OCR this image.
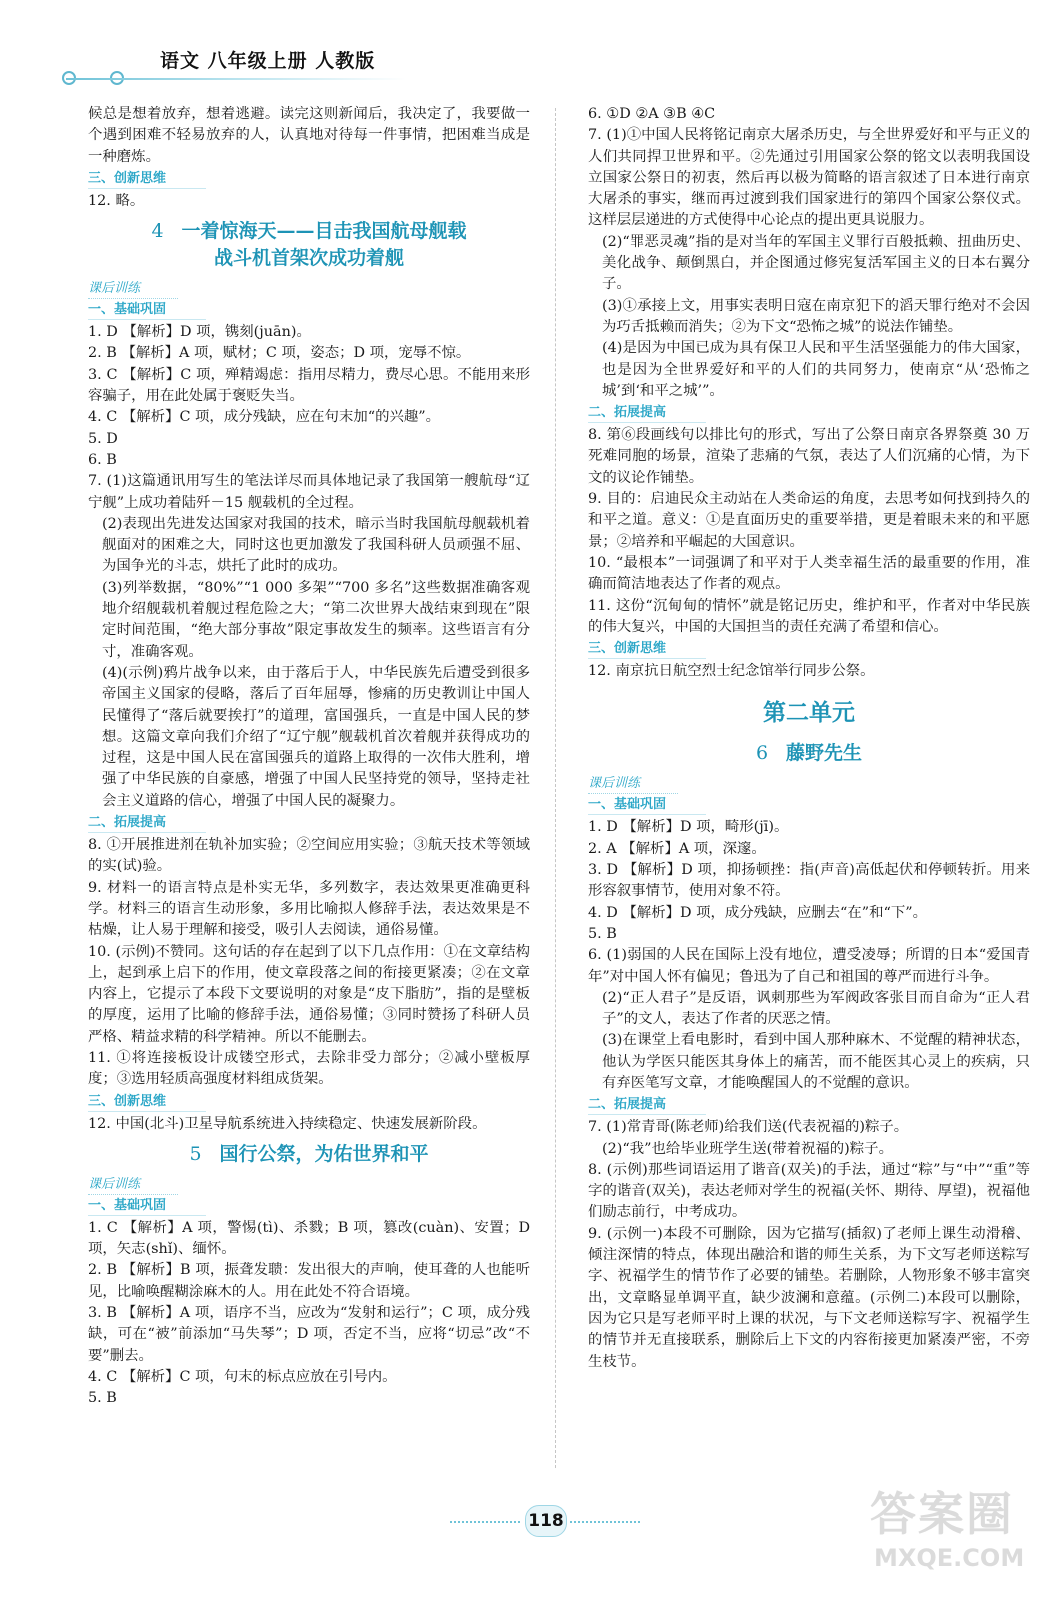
语文 八年级上册 人教版

候总是想着放弃，想着逃避。读完这则新闻后，我决定了，我要做一个遇到困难不轻易放弃的人，认真地对待每一件事情，把困难当成是一种磨炼。

三、创新思维

12. 略。

4 一着惊海天——目击我国航母舰载
战斗机首架次成功着舰
课后训练
一、基础巩固

1. D 【解析】D 项，镌刻(juān)。

2. B 【解析】A 项，赋材；C 项，姿态；D 项，宠辱不惊。

3. C 【解析】C 项，殚精竭虑：指用尽精力，费尽心思。不能用来形容骗子，用在此处属于褒贬失当。

4. C 【解析】C 项，成分残缺，应在句末加“的兴趣”。

5. D

6. B

7. (1)这篇通讯用写生的笔法详尽而具体地记录了我国第一艘航母“辽宁舰”上成功着陆歼－15 舰载机的全过程。

(2)表现出先进发达国家对我国的技术，暗示当时我国航母舰载机着舰面对的困难之大，同时这也更加激发了我国科研人员顽强不屈、为国争光的斗志，烘托了此时的成功。

(3)列举数据，“80%”“1 000 多架”“700 多名”这些数据准确客观地介绍舰载机着舰过程危险之大；“第二次世界大战结束到现在”限定时间范围，“绝大部分事故”限定事故发生的频率。这些语言有分寸，准确客观。

(4)(示例)鸦片战争以来，由于落后于人，中华民族先后遭受到很多帝国主义国家的侵略，落后了百年屈辱，惨痛的历史教训让中国人民懂得了“落后就要挨打”的道理，富国强兵，一直是中国人民的梦想。这篇文章向我们介绍了“辽宁舰”舰载机首次着舰并获得成功的过程，这是中国人民在富国强兵的道路上取得的一次伟大胜利，增强了中华民族的自豪感，增强了中国人民坚持党的领导，坚持走社会主义道路的信心，增强了中国人民的凝聚力。

二、拓展提高

8. ①开展推进剂在轨补加实验；②空间应用实验；③航天技术等领域的实(试)验。

9. 材料一的语言特点是朴实无华，多列数字，表达效果更准确更科学。材料三的语言生动形象，多用比喻拟人修辞手法，表达效果是不枯燥，让人易于理解和接受，吸引人去阅读，通俗易懂。

10. (示例)不赞同。这句话的存在起到了以下几点作用：①在文章结构上，起到承上启下的作用，使文章段落之间的衔接更紧凑；②在文章内容上，它提示了本段下文要说明的对象是“皮下脂肪”，指的是壁板的厚度，运用了比喻的修辞手法，通俗易懂；③同时赞扬了科研人员严格、精益求精的科学精神。所以不能删去。

11. ①将连接板设计成镂空形式，去除非受力部分；②减小壁板厚度；③选用轻质高强度材料组成货架。

三、创新思维

12. 中国(北斗)卫星导航系统进入持续稳定、快速发展新阶段。

5 国行公祭，为佑世界和平
课后训练
一、基础巩固

1. C 【解析】A 项，警惕(tì)、杀戮；B 项，篡改(cuàn)、安置；D 项，矢志(shǐ)、缅怀。

2. B 【解析】B 项，振聋发聩：发出很大的声响，使耳聋的人也能听见，比喻唤醒糊涂麻木的人。用在此处不符合语境。

3. B 【解析】A 项，语序不当，应改为“发射和运行”；C 项，成分残缺，可在“被”前添加“马失琴”；D 项，否定不当，应将“切忌”改“不要”删去。

4. C 【解析】C 项，句末的标点应放在引号内。

5. B

6. ①D ②A ③B ④C

7. (1)①中国人民将铭记南京大屠杀历史，与全世界爱好和平与正义的人们共同捍卫世界和平。②先通过引用国家公祭的铭文以表明我国设立国家公祭日的初衷，然后再以极为简略的语言叙述了日本进行南京大屠杀的事实，继而再过渡到我们国家进行的第四个国家公祭仪式。这样层层递进的方式使得中心论点的提出更具说服力。

(2)“罪恶灵魂”指的是对当年的军国主义罪行百般抵赖、扭曲历史、美化战争、颠倒黑白，并企图通过修宪复活军国主义的日本右翼分子。

(3)①承接上文，用事实表明日寇在南京犯下的滔天罪行绝对不会因为巧舌抵赖而消失；②为下文“恐怖之城”的说法作铺垫。

(4)是因为中国已成为具有保卫人民和平生活坚强能力的伟大国家，也是因为全世界爱好和平的人们的共同努力，使南京“从‘恐怖之城’到‘和平之城’”。

二、拓展提高

8. 第⑥段画线句以排比句的形式，写出了公祭日南京各界祭奠 30 万死难同胞的场景，渲染了悲痛的气氛，表达了人们沉痛的心情，为下文的议论作铺垫。

9. 目的：启迪民众主动站在人类命运的角度，去思考如何找到持久的和平之道。意义：①是直面历史的重要举措，更是着眼未来的和平愿景；②培养和平崛起的大国意识。

10. “最根本”一词强调了和平对于人类幸福生活的最重要的作用，准确而简洁地表达了作者的观点。

11. 这份“沉甸甸的情怀”就是铭记历史，维护和平，作者对中华民族的伟大复兴，中国的大国担当的责任充满了希望和信心。

三、创新思维

12. 南京抗日航空烈士纪念馆举行同步公祭。

第二单元
6 藤野先生
课后训练
一、基础巩固

1. D 【解析】D 项，畸形(jī)。

2. A 【解析】A 项，深邃。

3. D 【解析】D 项，抑扬顿挫：指(声音)高低起伏和停顿转折。用来形容叙事情节，使用对象不符。

4. D 【解析】D 项，成分残缺，应删去“在”和“下”。

5. B

6. (1)弱国的人民在国际上没有地位，遭受凌辱；所谓的日本“爱国青年”对中国人怀有偏见；鲁迅为了自己和祖国的尊严而进行斗争。

(2)“正人君子”是反语，讽刺那些为军阀政客张目而自命为“正人君子”的文人，表达了作者的厌恶之情。

(3)在课堂上看电影时，看到中国人那种麻木、不觉醒的精神状态，他认为学医只能医其身体上的痛苦，而不能医其心灵上的疾病，只有弃医笔写文章，才能唤醒国人的不觉醒的意识。

二、拓展提高

7. (1)常青哥(陈老师)给我们送(代表祝福的)粽子。

(2)“我”也给毕业班学生送(带着祝福的)粽子。

8. (示例)那些词语运用了谐音(双关)的手法，通过“粽”与“中”“重”等字的谐音(双关)，表达老师对学生的祝福(关怀、期待、厚望)，祝福他们励志前行，中考成功。

9. (示例一)本段不可删除，因为它描写(插叙)了老师上课生动滑稽、倾注深情的特点，体现出融洽和谐的师生关系，为下文写老师送粽写字、祝福学生的情节作了必要的铺垫。若删除，人物形象不够丰富突出，文章略显单调平直，缺少波澜和意蕴。(示例二)本段可以删除，因为它只是写老师平时上课的状况，与下文老师送粽写字、祝福学生的情节并无直接联系，删除后上下文的内容衔接更加紧凑严密，不旁生枝节。

118	答案圈
MXQE.COM
